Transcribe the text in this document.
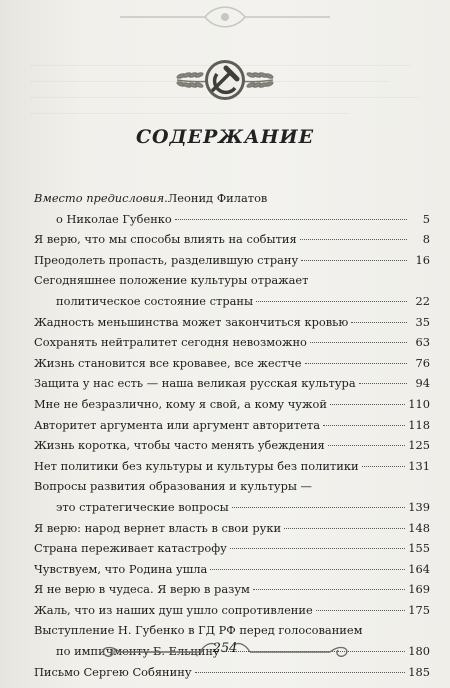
СОДЕРЖАНИЕ
Вместо предисловия. Леонид Филатов
о Николае Губенко	5
Я верю, что мы способы влиять на события	8
Преодолеть пропасть, разделившую страну	16
Сегодняшнее положение культуры отражает
политическое состояние страны	22
Жадность меньшинства может закончиться кровью	35
Сохранять нейтралитет сегодня невозможно	63
Жизнь становится все кровавее, все жестче	76
Защита у нас есть — наша великая русская культура	94
Мне не безразлично, кому я свой, а кому чужой	110
Авторитет аргумента или аргумент авторитета	118
Жизнь коротка, чтобы часто менять убеждения	125
Нет политики без культуры и культуры без политики	131
Вопросы развития образования и культуры —
это стратегические вопросы	139
Я верю: народ вернет власть в свои руки	148
Страна переживает катастрофу	155
Чувствуем, что Родина ушла	164
Я не верю в чудеса. Я верю в разум	169
Жаль, что из наших душ ушло сопротивление	175
Выступление Н. Губенко в ГД РФ перед голосованием
по импичменту Б. Ельцину	180
Письмо Сергею Собянину	185
254
